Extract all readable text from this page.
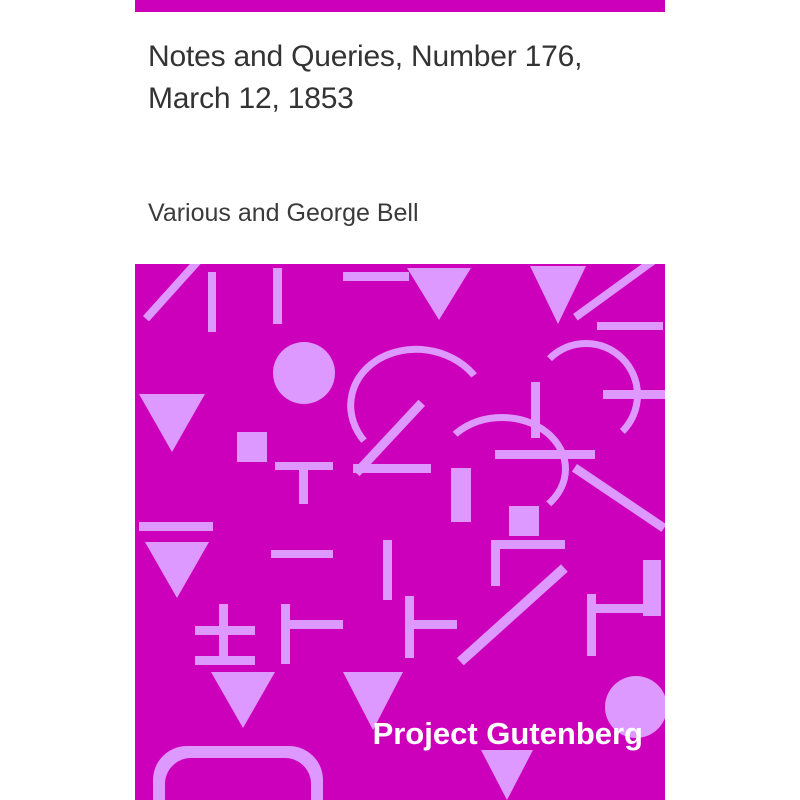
Notes and Queries, Number 176, March 12, 1853

Various and George Bell

Project Gutenberg
